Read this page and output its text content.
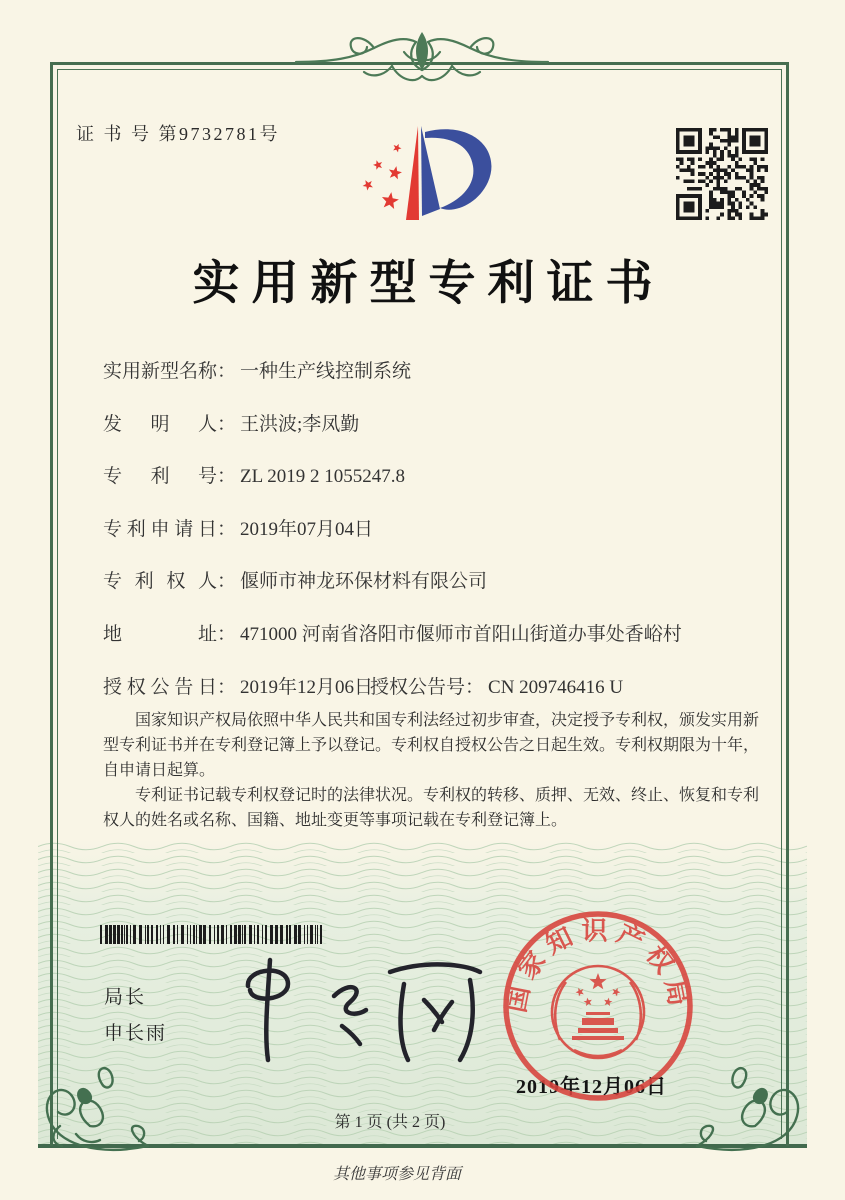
证 书 号 第9732781号
实用新型专利证书
实用新型名称： 一种生产线控制系统
发明人： 王洪波;李凤勤
专利号： ZL 2019 2 1055247.8
专利申请日： 2019年07月04日
专利权人： 偃师市神龙环保材料有限公司
地址： 471000 河南省洛阳市偃师市首阳山街道办事处香峪村
授权公告日： 2019年12月06日
授权公告号： CN 209746416 U
国家知识产权局依照中华人民共和国专利法经过初步审查，决定授予专利权，颁发实用新型专利证书并在专利登记簿上予以登记。专利权自授权公告之日起生效。专利权期限为十年，自申请日起算。
专利证书记载专利权登记时的法律状况。专利权的转移、质押、无效、终止、恢复和专利权人的姓名或名称、国籍、地址变更等事项记载在专利登记簿上。
局长
申长雨
国家知识产权局
2019年12月06日
第 1 页 (共 2 页)
其他事项参见背面
